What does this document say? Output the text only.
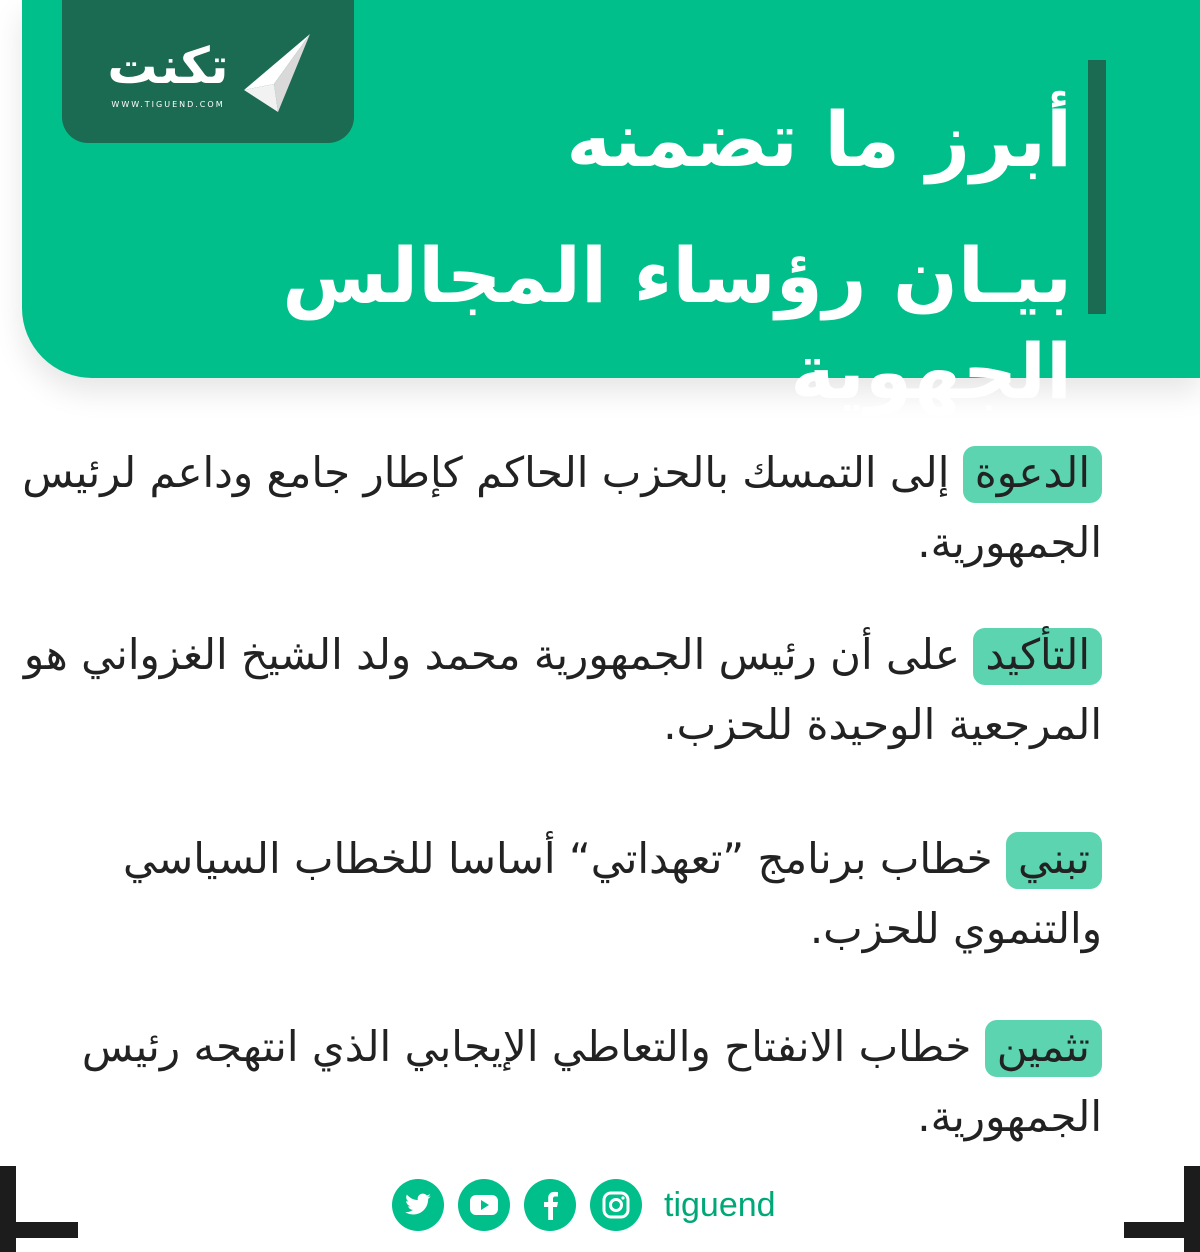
تكنت
WWW.TIGUEND.COM	أبرز ما تضمنه
بيـان رؤساء المجالس الجهوية
الدعوة إلى التمسك بالحزب الحاكم كإطار جامع وداعم لرئيس الجمهورية.
التأكيد على أن رئيس الجمهورية محمد ولد الشيخ الغزواني هو المرجعية الوحيدة للحزب.
تبني خطاب برنامج ”تعهداتي“ أساسا للخطاب السياسي والتنموي للحزب.
تثمين خطاب الانفتاح والتعاطي الإيجابي الذي انتهجه رئيس الجمهورية.
tiguend
